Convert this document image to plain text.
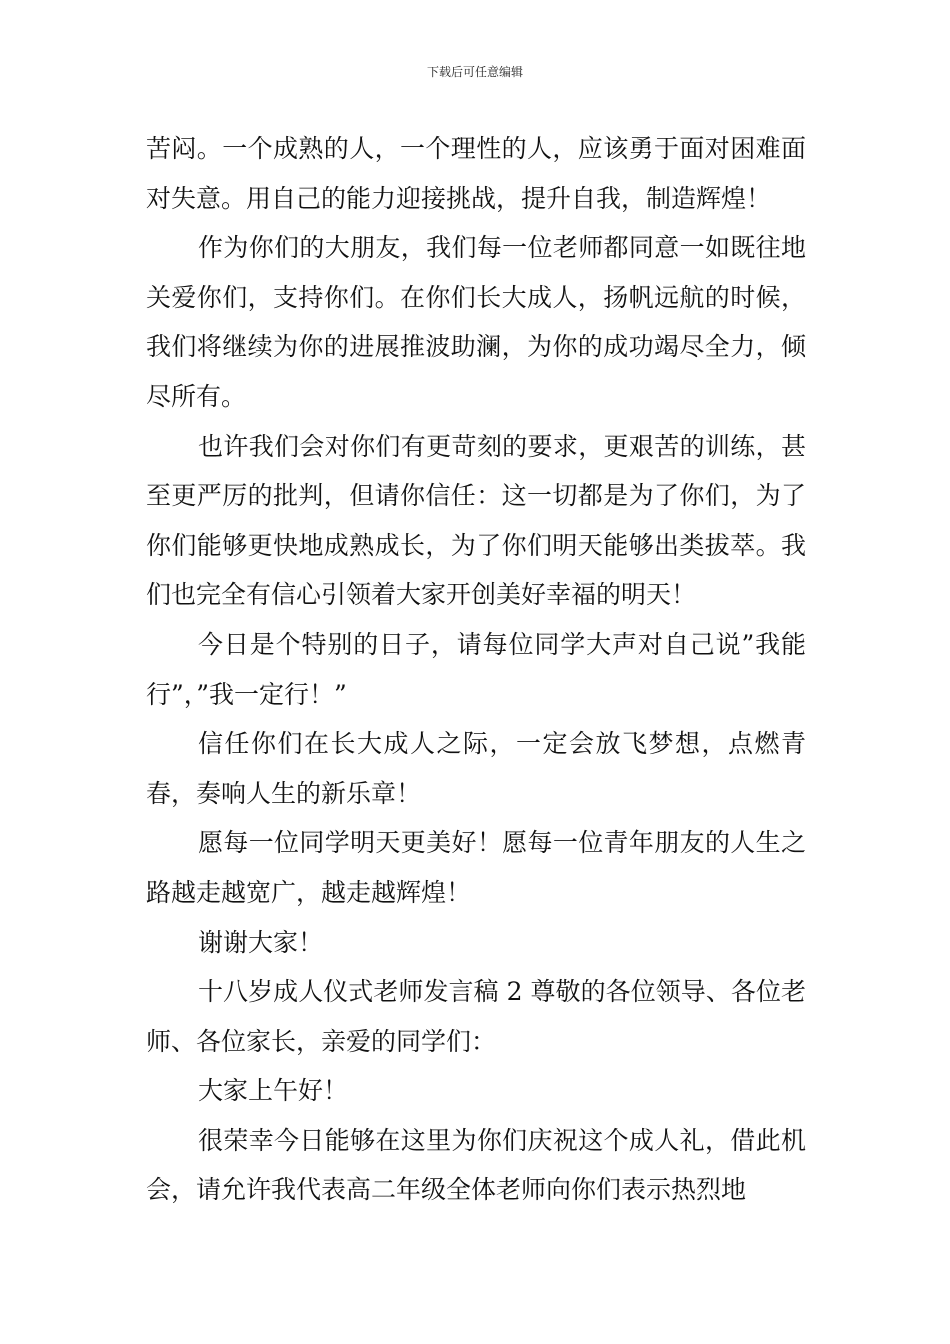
下载后可任意编辑

苦闷。一个成熟的人，一个理性的人，应该勇于面对困难面对失意。用自己的能力迎接挑战，提升自我，制造辉煌！

作为你们的大朋友，我们每一位老师都同意一如既往地关爱你们，支持你们。在你们长大成人，扬帆远航的时候，我们将继续为你的进展推波助澜，为你的成功竭尽全力，倾尽所有。

也许我们会对你们有更苛刻的要求，更艰苦的训练，甚至更严厉的批判，但请你信任：这一切都是为了你们，为了你们能够更快地成熟成长，为了你们明天能够出类拔萃。我们也完全有信心引领着大家开创美好幸福的明天！

今日是个特别的日子，请每位同学大声对自己说”我能行”，”我一定行！”

信任你们在长大成人之际，一定会放飞梦想，点燃青春，奏响人生的新乐章！

愿每一位同学明天更美好！愿每一位青年朋友的人生之路越走越宽广，越走越辉煌！

谢谢大家！

十八岁成人仪式老师发言稿 2 尊敬的各位领导、各位老师、各位家长，亲爱的同学们：

大家上午好！

很荣幸今日能够在这里为你们庆祝这个成人礼，借此机会，请允许我代表高二年级全体老师向你们表示热烈地
